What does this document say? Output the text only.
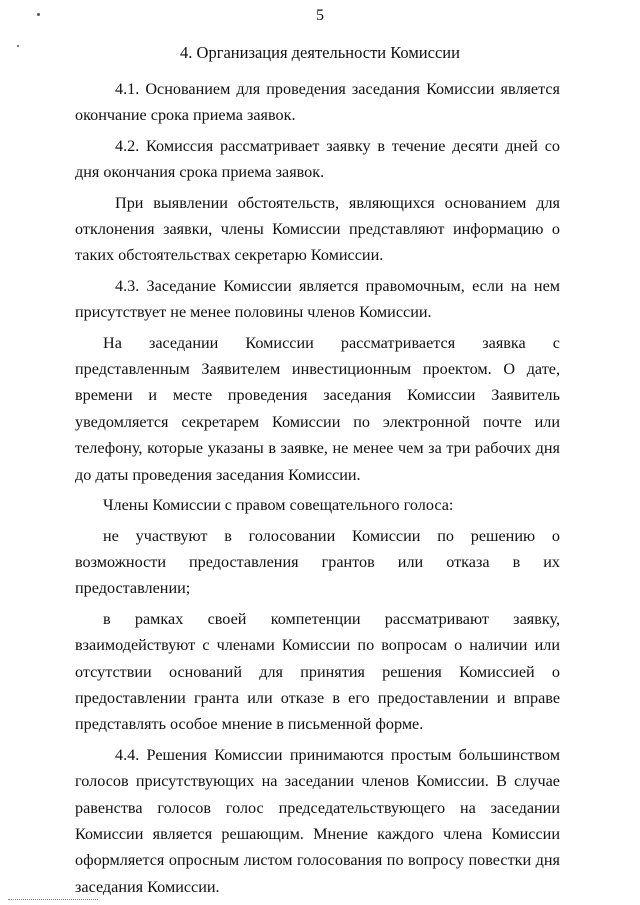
5
4. Организация деятельности Комиссии

4.1. Основанием для проведения заседания Комиссии является окончание срока приема заявок.

4.2. Комиссия рассматривает заявку в течение десяти дней со дня окончания срока приема заявок.

При выявлении обстоятельств, являющихся основанием для отклонения заявки, члены Комиссии представляют информацию о таких обстоятельствах секретарю Комиссии.

4.3. Заседание Комиссии является правомочным, если на нем присутствует не менее половины членов Комиссии.

На заседании Комиссии рассматривается заявка с представленным Заявителем инвестиционным проектом. О дате, времени и месте проведения заседания Комиссии Заявитель уведомляется секретарем Комиссии по электронной почте или телефону, которые указаны в заявке, не менее чем за три рабочих дня до даты проведения заседания Комиссии.

Члены Комиссии с правом совещательного голоса:

не участвуют в голосовании Комиссии по решению о возможности предоставления грантов или отказа в их предоставлении;

в рамках своей компетенции рассматривают заявку, взаимодействуют с членами Комиссии по вопросам о наличии или отсутствии оснований для принятия решения Комиссией о предоставлении гранта или отказе в его предоставлении и вправе представлять особое мнение в письменной форме.

4.4. Решения Комиссии принимаются простым большинством голосов присутствующих на заседании членов Комиссии. В случае равенства голосов голос председательствующего на заседании Комиссии является решающим. Мнение каждого члена Комиссии оформляется опросным листом голосования по вопросу повестки дня заседания Комиссии.
